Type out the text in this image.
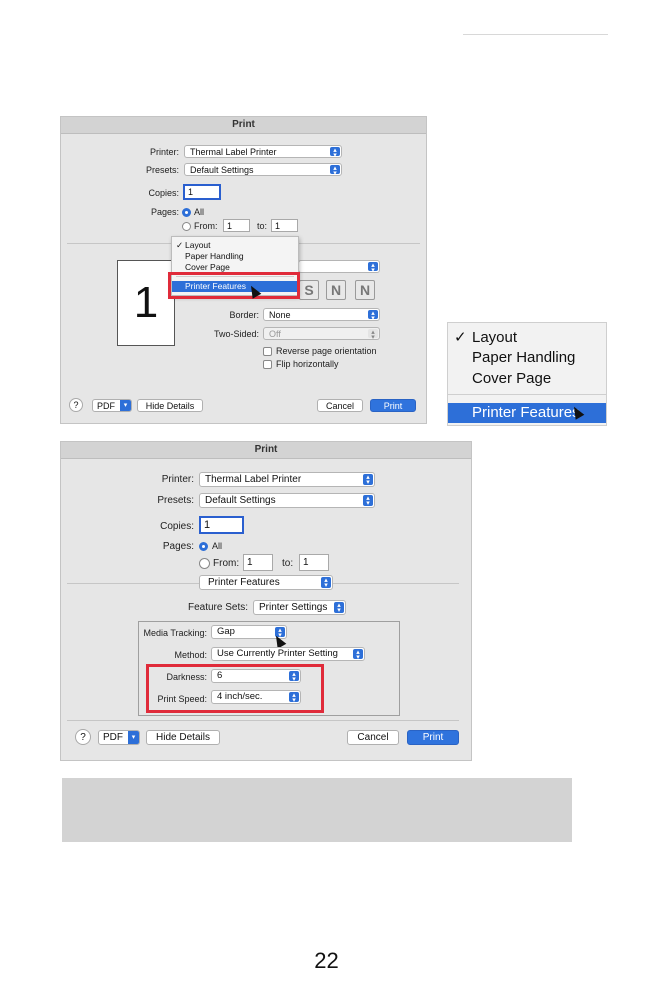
Print
Printer:	Thermal Label Printer	▴
▾
Presets:	Default Settings	▴
▾
Copies:	1
Pages: All
From:	1	to: 1
1
▴
▾
S	N	N
Border:	None	▴
▾
Two-Sided:	Off	▴
▾
Reverse page orientation
Flip horizontally
?	PDF	▾	Hide Details	Cancel	Print
✓ Layout
Paper Handling
Cover Page
Printer Features
✓ Layout
Paper Handling
Cover Page
Printer Features
Print
Printer:	Thermal Label Printer	▴
▾
Presets:	Default Settings	▴
▾
Copies: 1
Pages: All
From: 1	to: 1
Printer Features	▴
▾
Feature Sets:	Printer Settings	▴
▾
Media Tracking:	Gap	▴
▾
Method:	Use Currently Printer Setting	▴
▾
Darkness:	6	▴
▾
Print Speed:	4 inch/sec.	▴
▾
?	PDF	▾	Hide Details	Cancel	Print
22
